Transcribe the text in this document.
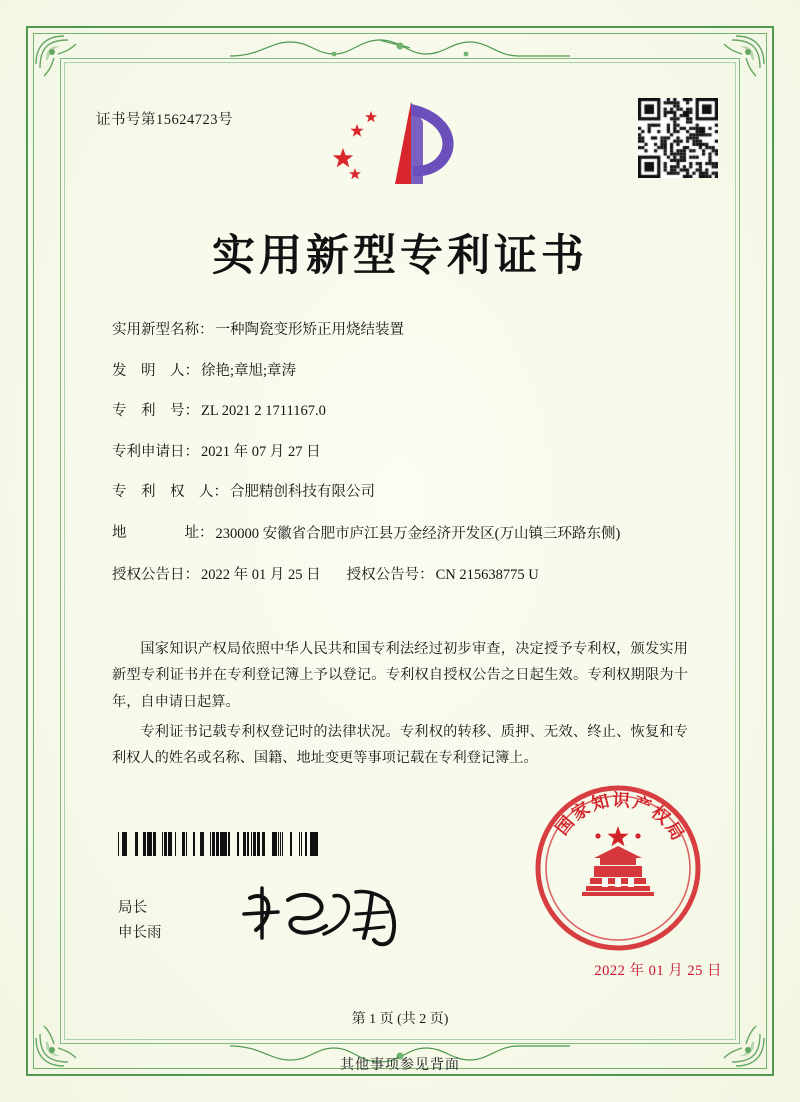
证书号第15624723号
实用新型专利证书
实用新型名称： 一种陶瓷变形矫正用烧结装置
发　明　人： 徐艳;章旭;章涛
专　利　号： ZL 2021 2 1711167.0
专利申请日： 2021 年 07 月 27 日
专　利　权　人： 合肥精创科技有限公司
地　　　　址： 230000 安徽省合肥市庐江县万金经济开发区(万山镇三环路东侧)
授权公告日： 2022 年 01 月 25 日	授权公告号： CN 215638775 U

国家知识产权局依照中华人民共和国专利法经过初步审查，决定授予专利权，颁发实用新型专利证书并在专利登记簿上予以登记。专利权自授权公告之日起生效。专利权期限为十年，自申请日起算。

专利证书记载专利权登记时的法律状况。专利权的转移、质押、无效、终止、恢复和专利权人的姓名或名称、国籍、地址变更等事项记载在专利登记簿上。

局长
申长雨
国家知识产权局
2022 年 01 月 25 日
第 1 页 (共 2 页)
其他事项参见背面
